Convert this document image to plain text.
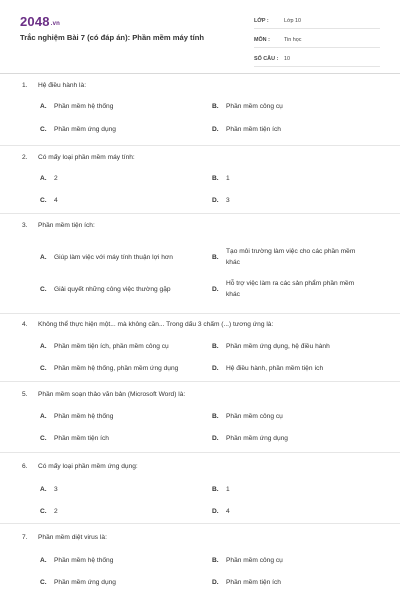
2048.vn
Trắc nghiệm Bài 7 (có đáp án): Phần mềm máy tính
LỚP :	Lớp 10
MÔN :	Tin học
SỐ CÂU :	10
1. Hệ điều hành là:
A.	Phần mềm hệ thống	B.	Phần mềm công cụ
C.	Phần mềm ứng dụng	D.	Phần mềm tiện ích
2. Có mấy loại phần mềm máy tính:
A.	2	B.	1
C.	4	D.	3
3. Phần mềm tiện ích:
A.	Giúp làm việc với máy tính thuận lợi hơn	B.
Tạo môi trường làm việc cho các phần mềm khác
C.	Giải quyết những công việc thường gặp	D.
Hỗ trợ việc làm ra các sản phẩm phần mềm khác
4. Không thể thực hiện một... mà không cần... Trong dấu 3 chấm (...) tương ứng là:
A.	Phần mềm tiện ích, phần mềm công cụ	B.	Phần mềm ứng dụng, hệ điều hành
C.	Phần mềm hệ thống, phần mềm ứng dụng	D.	Hệ điều hành, phần mềm tiện ích
5. Phần mềm soạn thảo văn bản (Microsoft Word) là:
A.	Phần mềm hệ thống	B.	Phần mềm công cụ
C.	Phần mềm tiện ích	D.	Phần mềm ứng dụng
6. Có mấy loại phần mềm ứng dụng:
A.	3	B.	1
C.	2	D.	4
7. Phần mềm diệt virus là:
A.	Phần mềm hệ thống	B.	Phần mềm công cụ
C.	Phần mềm ứng dụng	D.	Phần mềm tiện ích
